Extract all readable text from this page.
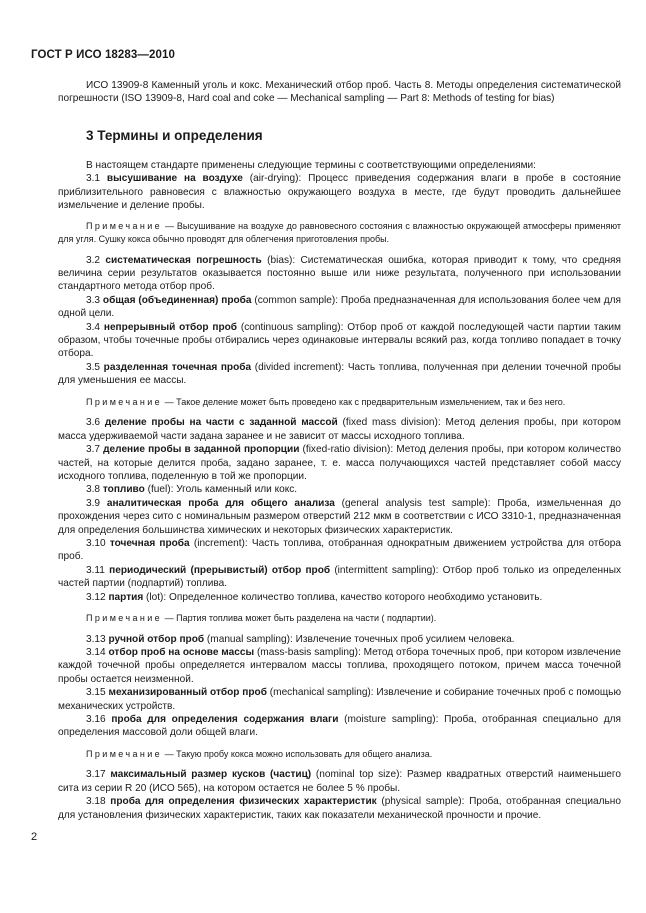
ГОСТ Р ИСО 18283—2010

ИСО 13909-8 Каменный уголь и кокс. Механический отбор проб. Часть 8. Методы определения систематической погрешности (ISO 13909-8, Hard coal and coke — Mechanical sampling — Part 8: Methods of testing for bias)

3 Термины и определения

В настоящем стандарте применены следующие термины с соответствующими определениями:

3.1 высушивание на воздухе (air-drying): Процесс приведения содержания влаги в пробе в состояние приблизительного равновесия с влажностью окружающего воздуха в месте, где будут проводить дальнейшее измельчение и деление пробы.

Примечание — Высушивание на воздухе до равновесного состояния с влажностью окружающей атмосферы применяют для угля. Сушку кокса обычно проводят для облегчения приготовления пробы.

3.2 систематическая погрешность (bias): Систематическая ошибка, которая приводит к тому, что средняя величина серии результатов оказывается постоянно выше или ниже результата, полученного при использовании стандартного метода отбор проб.

3.3 общая (объединенная) проба (common sample): Проба предназначенная для использования более чем для одной цели.

3.4 непрерывный отбор проб (continuous sampling): Отбор проб от каждой последующей части партии таким образом, чтобы точечные пробы отбирались через одинаковые интервалы всякий раз, когда топливо попадает в точку отбора.

3.5 разделенная точечная проба (divided increment): Часть топлива, полученная при делении точечной пробы для уменьшения ее массы.

Примечание — Такое деление может быть проведено как с предварительным измельчением, так и без него.

3.6 деление пробы на части с заданной массой (fixed mass division): Метод деления пробы, при котором масса удерживаемой части задана заранее и не зависит от массы исходного топлива.

3.7 деление пробы в заданной пропорции (fixed-ratio division): Метод деления пробы, при котором количество частей, на которые делится проба, задано заранее, т. е. масса получающихся частей представляет собой массу исходного топлива, поделенную в той же пропорции.

3.8 топливо (fuel): Уголь каменный или кокс.

3.9 аналитическая проба для общего анализа (general analysis test sample): Проба, измельченная до прохождения через сито с номинальным размером отверстий 212 мкм в соответствии с ИСО 3310-1, предназначенная для определения большинства химических и некоторых физических характеристик.

3.10 точечная проба (increment): Часть топлива, отобранная однократным движением устройства для отбора проб.

3.11 периодический (прерывистый) отбор проб (intermittent sampling): Отбор проб только из определенных частей партии (подпартий) топлива.

3.12 партия (lot): Определенное количество топлива, качество которого необходимо установить.

Примечание — Партия топлива может быть разделена на части ( подпартии).

3.13 ручной отбор проб (manual sampling): Извлечение точечных проб усилием человека.

3.14 отбор проб на основе массы (mass-basis sampling): Метод отбора точечных проб, при котором извлечение каждой точечной пробы определяется интервалом массы топлива, проходящего потоком, причем масса точечной пробы остается неизменной.

3.15 механизированный отбор проб (mechanical sampling): Извлечение и собирание точечных проб с помощью механических устройств.

3.16 проба для определения содержания влаги (moisture sampling): Проба, отобранная специально для определения массовой доли общей влаги.

Примечание — Такую пробу кокса можно использовать для общего анализа.

3.17 максимальный размер кусков (частиц) (nominal top size): Размер квадратных отверстий наименьшего сита из серии R 20 (ИСО 565), на котором остается не более 5 % пробы.

3.18 проба для определения физических характеристик (physical sample): Проба, отобранная специально для установления физических характеристик, таких как показатели механической прочности и прочие.

2
